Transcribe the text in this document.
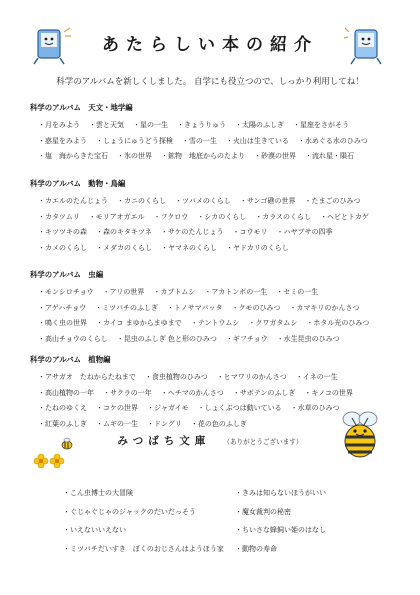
あたらしい本の紹介
科学のアルバムを新しくしました。 自学にも役立つので、しっかり利用してね！
科学のアルバム　天文・地学編
・月をみよう ・雲と天気 ・星の一生 ・きょうりゅう ・太陽のふしぎ ・星座をさがそう
・惑星をみよう ・しょうにゅうどう探検 ・雪の一生 ・火山は生きている ・水めぐる水のひみつ
・塩　海からきた宝石 ・氷の世界 ・鉱物　地底からのたより ・砂漠の世界 ・流れ星・隕石
科学のアルバム　動物・鳥編
・カエルのたんじょう ・カニのくらし ・ツバメのくらし ・サンゴ礁の世界 ・たまごのひみつ
・カタツムリ ・モリアオガエル ・フクロウ ・シカのくらし ・カラスのくらし ・ヘビとトカゲ
・キツツキの森 ・森のキタキツネ ・サケのたんじょう ・コウモリ ・ハヤブサの四季
・カメのくらし ・メダカのくらし ・ヤマネのくらし ・ヤドカリのくらし
科学のアルバム　虫編
・モンシロチョウ ・アリの世界 ・カブトムシ ・アカトンボの一生 ・セミの一生
・アゲハチョウ ・ミツバチのふしぎ ・トノサマバッタ ・クモのひみつ ・カマキリのかんさつ
・鳴く虫の世界 ・カイコ まゆからまゆまで ・テントウムシ ・クワガタムシ ・ホタル光のひみつ
・高山チョウのくらし ・昆虫のふしぎ 色と形のひみつ ・ギフチョウ ・水生昆虫のひみつ
科学のアルバム　植物編
・アサガオ　たねからたねまで ・食虫植物のひみつ ・ヒマワリのかんさつ ・イネの一生
・高山植物の一年 ・サクラの一年 ・ヘチマのかんさつ ・サボテンのふしぎ ・キノコの世界
・たねのゆくえ ・コケの世界 ・ジャガイモ ・しょくぶつは動いている ・水草のひみつ
・紅葉のふしぎ ・ムギの一生 ・ドングリ ・花の色のふしぎ
みつばち文庫 （ありがとうございます）
・こん虫博士の大冒険	・きみは知らないほうがいい
・ぐじゃぐじゃのジャックのだいだっそう	・魔女裁判の秘密
・いえないいえない	・ちいさな蜂飼い姫のはなし
・ミツバチだいすき　ぼくのおじさんはようほう家	・動物の寿命
